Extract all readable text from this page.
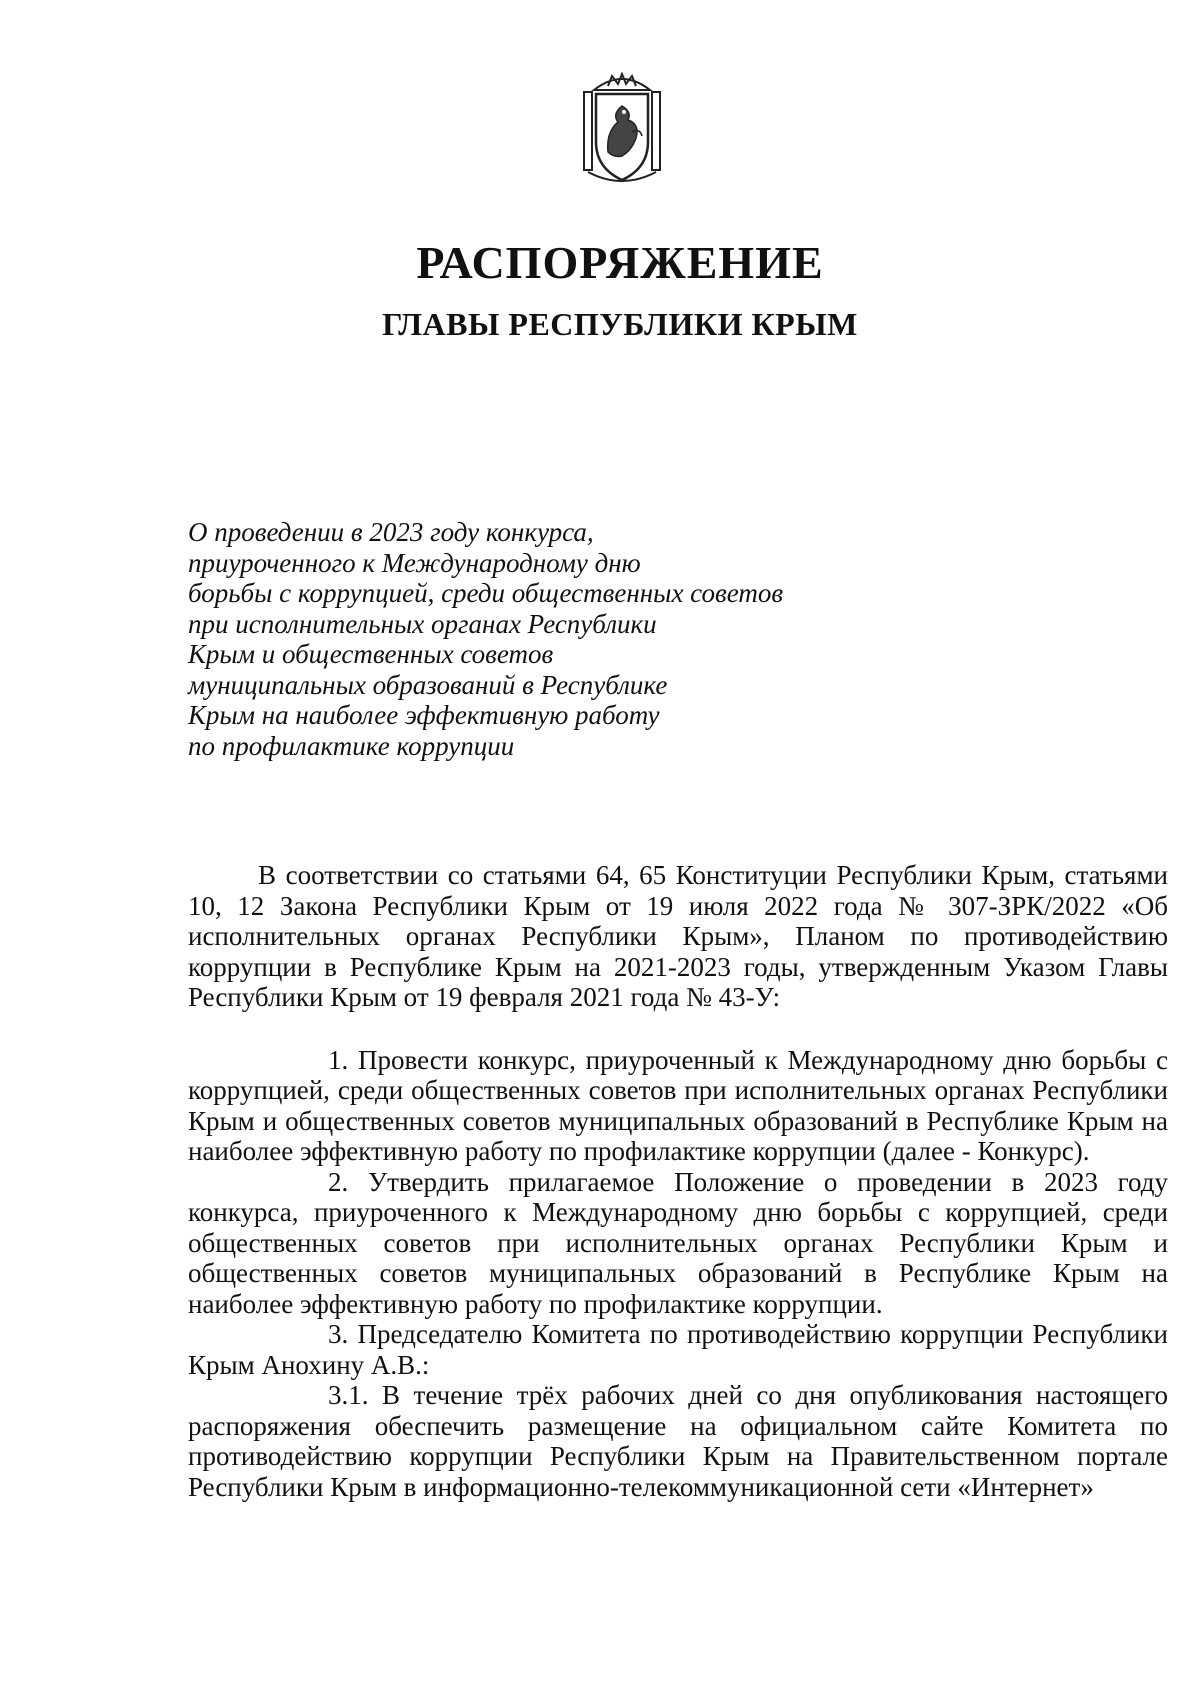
РАСПОРЯЖЕНИЕ
ГЛАВЫ РЕСПУБЛИКИ КРЫМ
О проведении в 2023 году конкурса,
приуроченного к Международному дню
борьбы с коррупцией, среди общественных советов
при исполнительных органах Республики
Крым и общественных советов
муниципальных образований в Республике
Крым на наиболее эффективную работу
по профилактике коррупции

В соответствии со статьями 64, 65 Конституции Республики Крым, статьями 10, 12 Закона Республики Крым от 19 июля 2022 года № 307-ЗРК/2022 «Об исполнительных органах Республики Крым», Планом по противодействию коррупции в Республике Крым на 2021-2023 годы, утвержденным Указом Главы Республики Крым от 19 февраля 2021 года № 43-У:

1. Провести конкурс, приуроченный к Международному дню борьбы с коррупцией, среди общественных советов при исполнительных органах Республики Крым и общественных советов муниципальных образований в Республике Крым на наиболее эффективную работу по профилактике коррупции (далее - Конкурс).

2. Утвердить прилагаемое Положение о проведении в 2023 году конкурса, приуроченного к Международному дню борьбы с коррупцией, среди общественных советов при исполнительных органах Республики Крым и общественных советов муниципальных образований в Республике Крым на наиболее эффективную работу по профилактике коррупции.

3. Председателю Комитета по противодействию коррупции Республики Крым Анохину А.В.:

3.1. В течение трёх рабочих дней со дня опубликования настоящего распоряжения обеспечить размещение на официальном сайте Комитета по противодействию коррупции Республики Крым на Правительственном портале Республики Крым в информационно-телекоммуникационной сети «Интернет»
